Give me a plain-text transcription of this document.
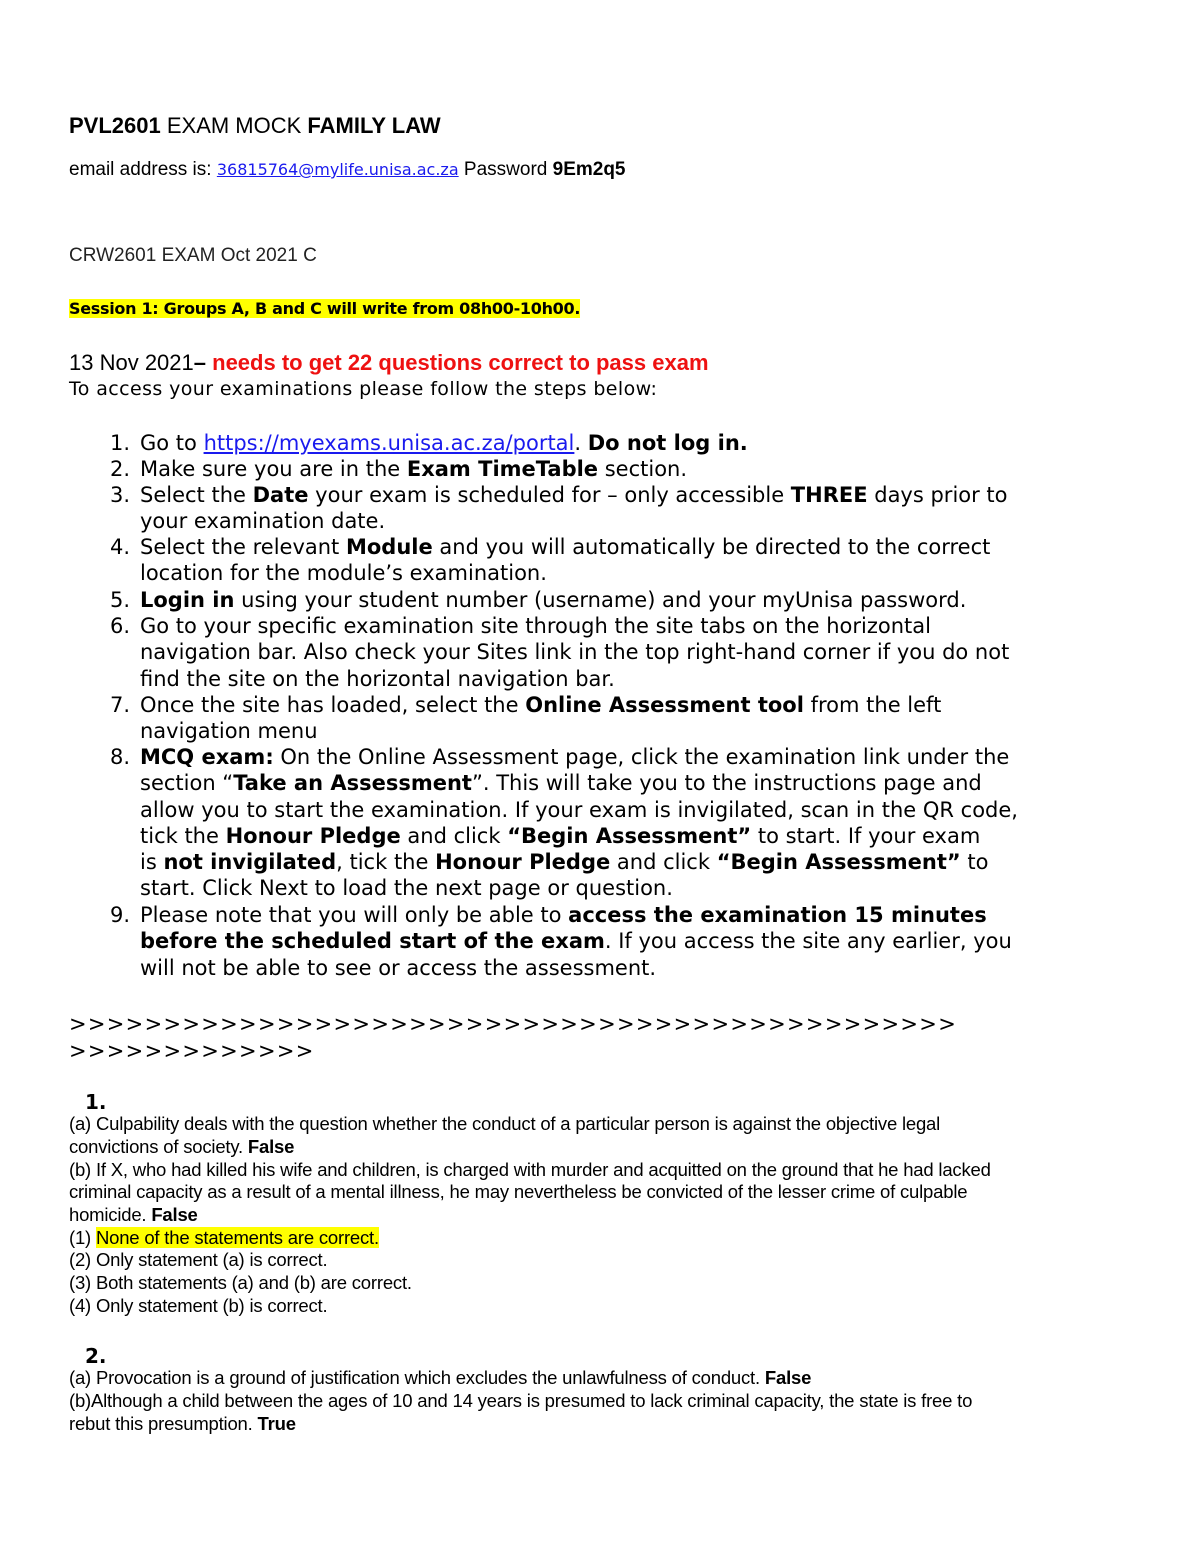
PVL2601 EXAM MOCK FAMILY LAW
email address is: 36815764@mylife.unisa.ac.za Password 9Em2q5
CRW2601 EXAM Oct 2021 C
Session 1: Groups A, B and C will write from 08h00-10h00.
13 Nov 2021– needs to get 22 questions correct to pass exam
To access your examinations please follow the steps below:
1. Go to https://myexams.unisa.ac.za/portal. Do not log in.
2. Make sure you are in the Exam TimeTable section.
3. Select the Date your exam is scheduled for – only accessible THREE days prior to
your examination date.
4. Select the relevant Module and you will automatically be directed to the correct
location for the module’s examination.
5. Login in using your student number (username) and your myUnisa password.
6. Go to your specific examination site through the site tabs on the horizontal
navigation bar. Also check your Sites link in the top right-hand corner if you do not
find the site on the horizontal navigation bar.
7. Once the site has loaded, select the Online Assessment tool from the left
navigation menu
8. MCQ exam: On the Online Assessment page, click the examination link under the
section “Take an Assessment”. This will take you to the instructions page and
allow you to start the examination. If your exam is invigilated, scan in the QR code,
tick the Honour Pledge and click “Begin Assessment” to start. If your exam
is not invigilated, tick the Honour Pledge and click “Begin Assessment” to
start. Click Next to load the next page or question.
9. Please note that you will only be able to access the examination 15 minutes
before the scheduled start of the exam. If you access the site any earlier, you
will not be able to see or access the assessment.
>>>>>>>>>>>>>>>>>>>>>>>>>>>>>>>>>>>>>>>>>>>>>>>
>>>>>>>>>>>>>
1.
(a) Culpability deals with the question whether the conduct of a particular person is against the objective legal
convictions of society. False
(b) If X, who had killed his wife and children, is charged with murder and acquitted on the ground that he had lacked
criminal capacity as a result of a mental illness, he may nevertheless be convicted of the lesser crime of culpable
homicide. False
(1) None of the statements are correct.
(2) Only statement (a) is correct.
(3) Both statements (a) and (b) are correct.
(4) Only statement (b) is correct.
2.
(a) Provocation is a ground of justification which excludes the unlawfulness of conduct. False
(b)Although a child between the ages of 10 and 14 years is presumed to lack criminal capacity, the state is free to
rebut this presumption. True
